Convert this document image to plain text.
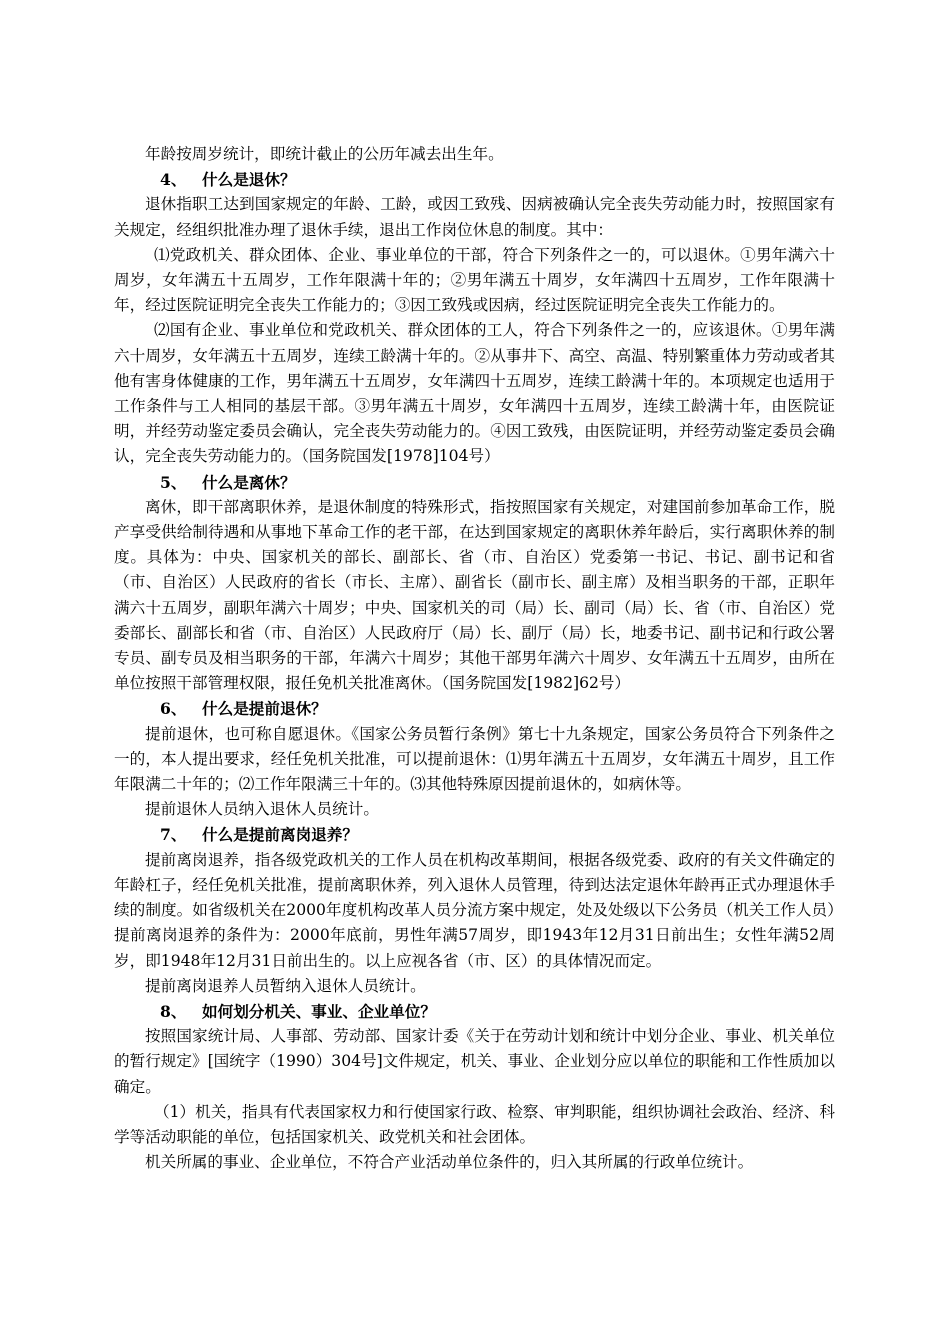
年龄按周岁统计，即统计截止的公历年减去出生年。

4、 什么是退休？

退休指职工达到国家规定的年龄、工龄，或因工致残、因病被确认完全丧失劳动能力时，按照国家有关规定，经组织批准办理了退休手续，退出工作岗位休息的制度。其中：

⑴党政机关、群众团体、企业、事业单位的干部，符合下列条件之一的，可以退休。①男年满六十周岁，女年满五十五周岁，工作年限满十年的；②男年满五十周岁，女年满四十五周岁，工作年限满十年，经过医院证明完全丧失工作能力的；③因工致残或因病，经过医院证明完全丧失工作能力的。

⑵国有企业、事业单位和党政机关、群众团体的工人，符合下列条件之一的，应该退休。①男年满六十周岁，女年满五十五周岁，连续工龄满十年的。②从事井下、高空、高温、特别繁重体力劳动或者其他有害身体健康的工作，男年满五十五周岁，女年满四十五周岁，连续工龄满十年的。本项规定也适用于工作条件与工人相同的基层干部。③男年满五十周岁，女年满四十五周岁，连续工龄满十年，由医院证明，并经劳动鉴定委员会确认，完全丧失劳动能力的。④因工致残，由医院证明，并经劳动鉴定委员会确认，完全丧失劳动能力的。（国务院国发[1978]104号）

5、 什么是离休？

离休，即干部离职休养，是退休制度的特殊形式，指按照国家有关规定，对建国前参加革命工作，脱产享受供给制待遇和从事地下革命工作的老干部，在达到国家规定的离职休养年龄后，实行离职休养的制度。具体为：中央、国家机关的部长、副部长、省（市、自治区）党委第一书记、书记、副书记和省（市、自治区）人民政府的省长（市长、主席）、副省长（副市长、副主席）及相当职务的干部，正职年满六十五周岁，副职年满六十周岁；中央、国家机关的司（局）长、副司（局）长、省（市、自治区）党委部长、副部长和省（市、自治区）人民政府厅（局）长、副厅（局）长，地委书记、副书记和行政公署专员、副专员及相当职务的干部，年满六十周岁；其他干部男年满六十周岁、女年满五十五周岁，由所在单位按照干部管理权限，报任免机关批准离休。（国务院国发[1982]62号）

6、 什么是提前退休？

提前退休，也可称自愿退休。《国家公务员暂行条例》第七十九条规定，国家公务员符合下列条件之一的，本人提出要求，经任免机关批准，可以提前退休：⑴男年满五十五周岁，女年满五十周岁，且工作年限满二十年的；⑵工作年限满三十年的。⑶其他特殊原因提前退休的，如病休等。

提前退休人员纳入退休人员统计。

7、 什么是提前离岗退养？

提前离岗退养，指各级党政机关的工作人员在机构改革期间，根据各级党委、政府的有关文件确定的年龄杠子，经任免机关批准，提前离职休养，列入退休人员管理，待到达法定退休年龄再正式办理退休手续的制度。如省级机关在2000年度机构改革人员分流方案中规定，处及处级以下公务员（机关工作人员）提前离岗退养的条件为：2000年底前，男性年满57周岁，即1943年12月31日前出生；女性年满52周岁，即1948年12月31日前出生的。以上应视各省（市、区）的具体情况而定。

提前离岗退养人员暂纳入退休人员统计。

8、 如何划分机关、事业、企业单位？

按照国家统计局、人事部、劳动部、国家计委《关于在劳动计划和统计中划分企业、事业、机关单位的暂行规定》[国统字（1990）304号]文件规定，机关、事业、企业划分应以单位的职能和工作性质加以确定。

（1）机关，指具有代表国家权力和行使国家行政、检察、审判职能，组织协调社会政治、经济、科学等活动职能的单位，包括国家机关、政党机关和社会团体。

机关所属的事业、企业单位，不符合产业活动单位条件的，归入其所属的行政单位统计。
